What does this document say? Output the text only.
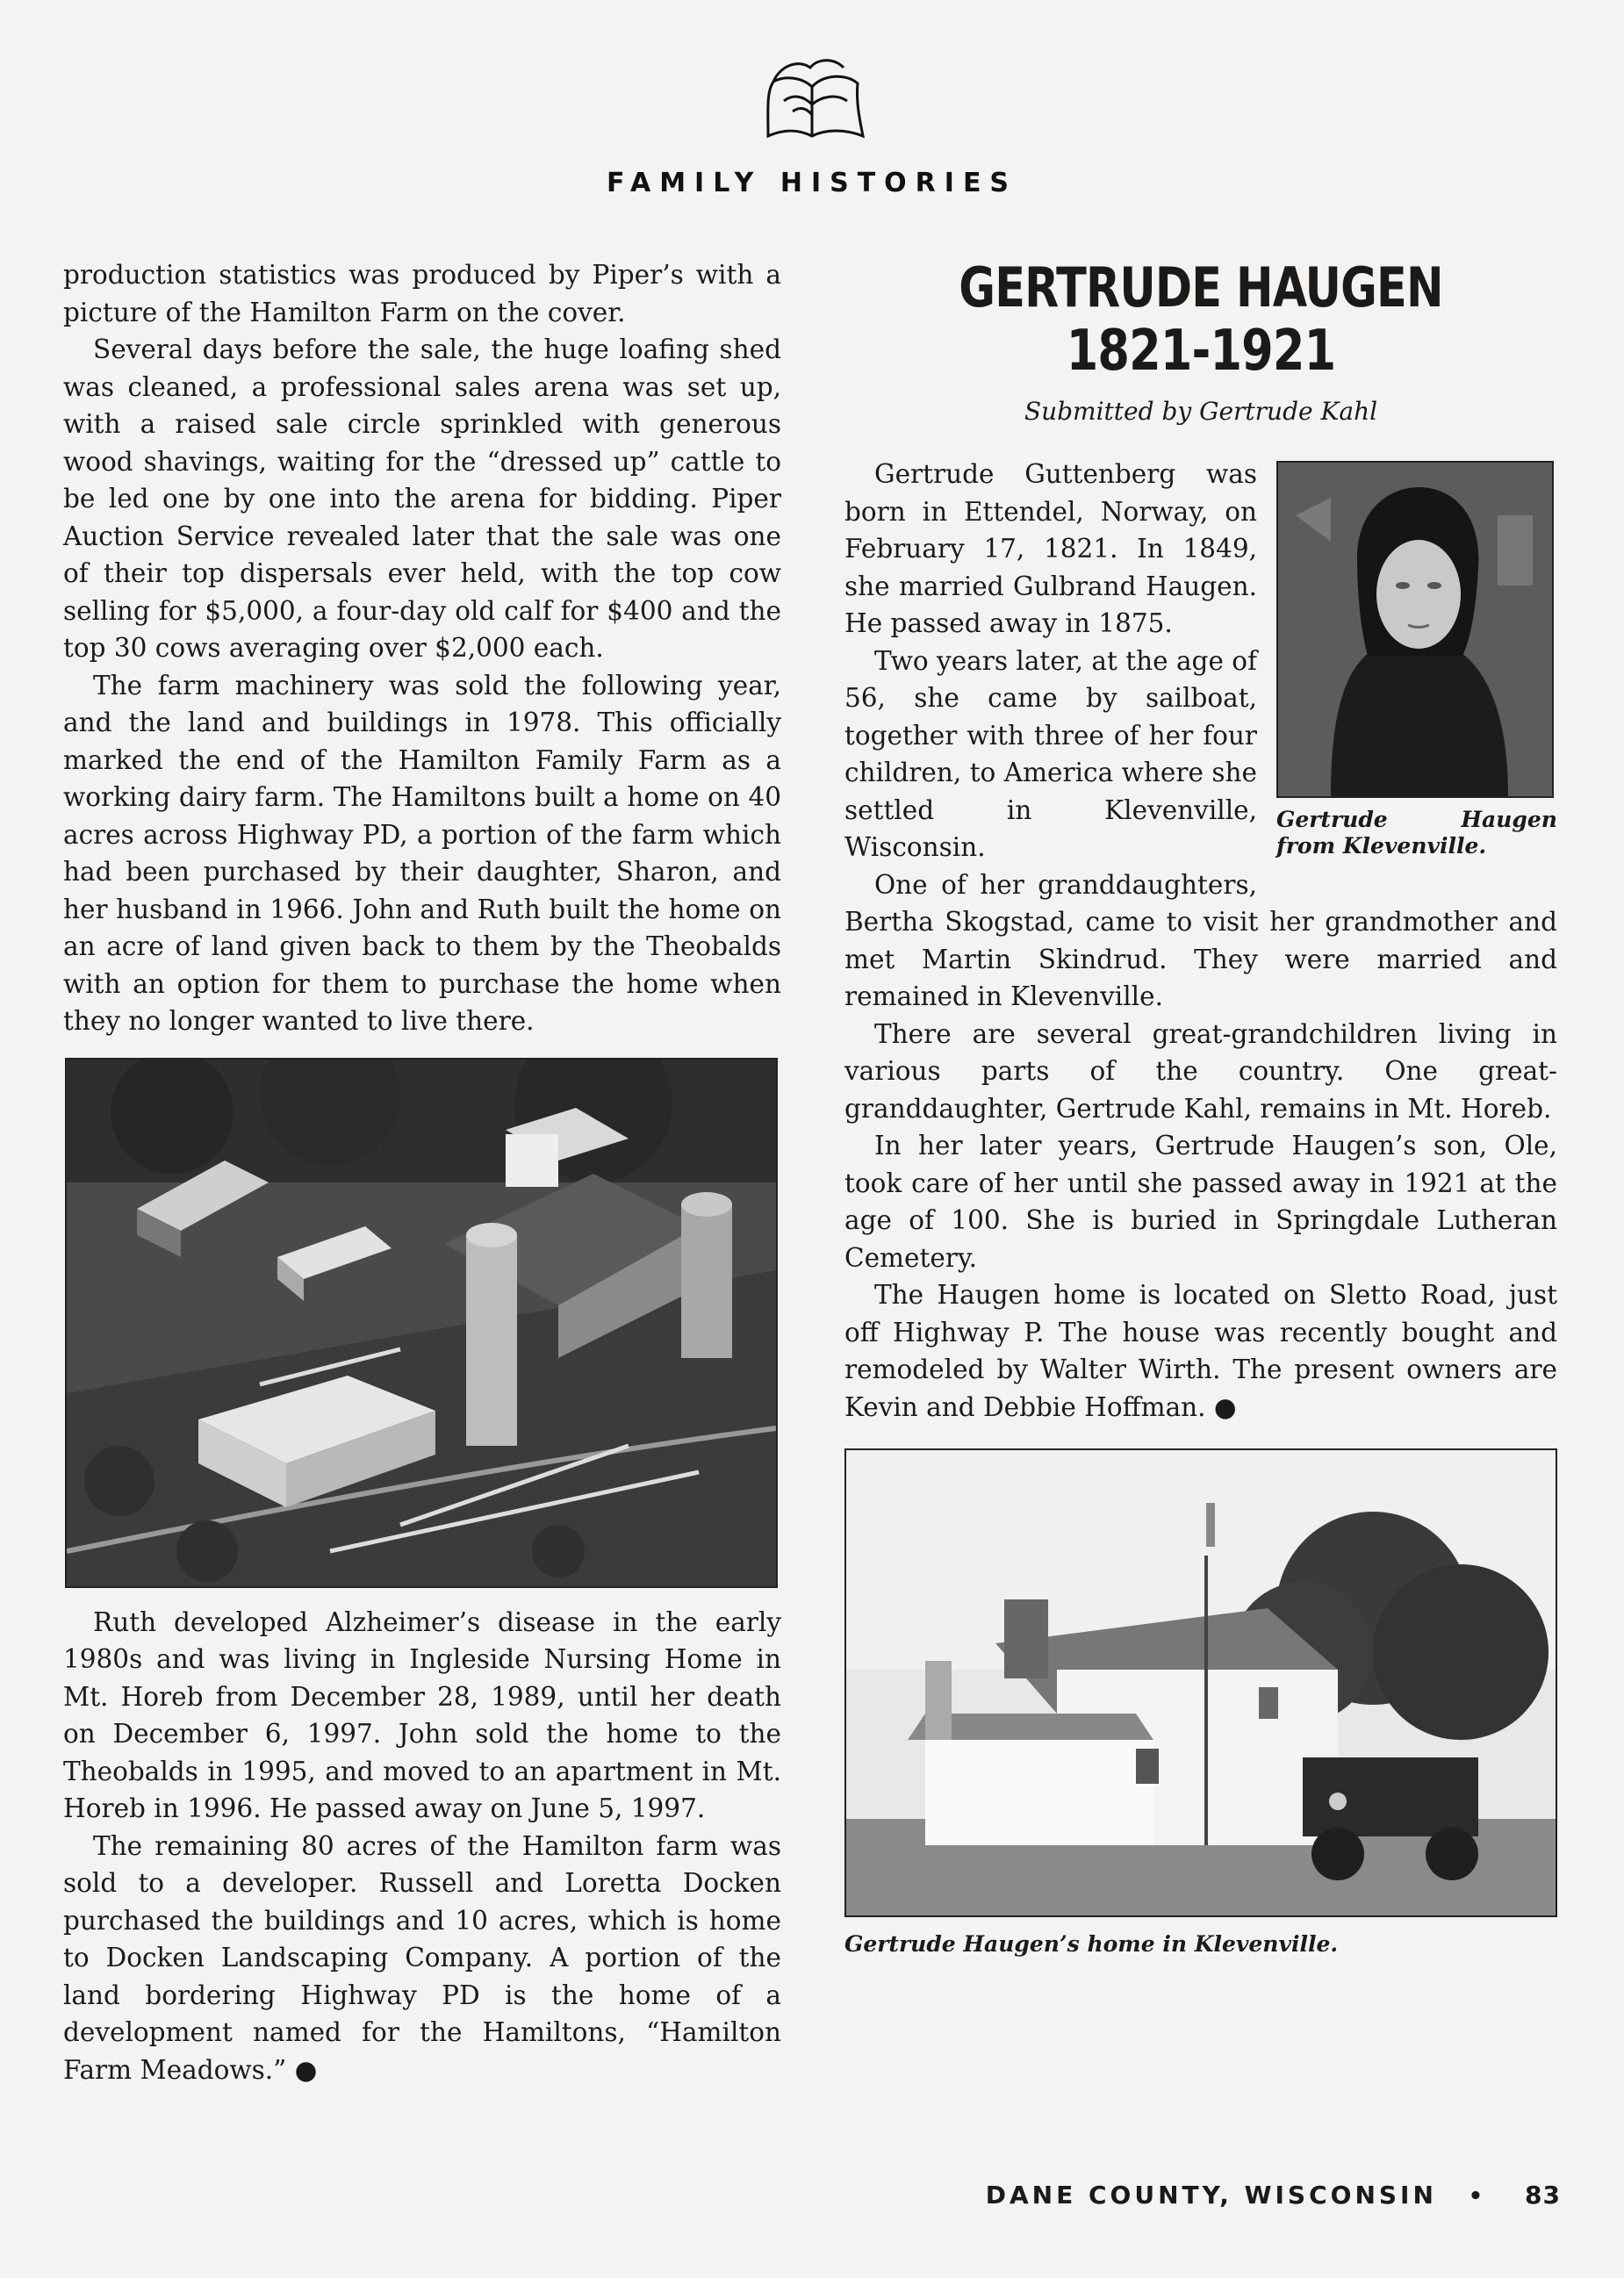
FAMILY HISTORIES

production statistics was produced by Piper’s with a picture of the Hamilton Farm on the cover.

Several days before the sale, the huge loafing shed was cleaned, a professional sales arena was set up, with a raised sale circle sprinkled with generous wood shavings, waiting for the “dressed up” cattle to be led one by one into the arena for bidding. Piper Auction Service revealed later that the sale was one of their top dispersals ever held, with the top cow selling for $5,000, a four-day old calf for $400 and the top 30 cows averaging over $2,000 each.

The farm machinery was sold the following year, and the land and buildings in 1978. This officially marked the end of the Hamilton Family Farm as a working dairy farm. The Hamiltons built a home on 40 acres across Highway PD, a portion of the farm which had been purchased by their daughter, Sharon, and her husband in 1966. John and Ruth built the home on an acre of land given back to them by the Theobalds with an option for them to purchase the home when they no longer wanted to live there.

Ruth developed Alzheimer’s disease in the early 1980s and was living in Ingleside Nursing Home in Mt. Horeb from December 28, 1989, until her death on December 6, 1997. John sold the home to the Theobalds in 1995, and moved to an apartment in Mt. Horeb in 1996. He passed away on June 5, 1997.

The remaining 80 acres of the Hamilton farm was sold to a developer. Russell and Loretta Docken purchased the buildings and 10 acres, which is home to Docken Landscaping Company. A portion of the land bordering Highway PD is the home of a development named for the Hamiltons, “Hamilton Farm Meadows.” ●

GERTRUDE HAUGEN
1821-1921
Submitted by Gertrude Kahl
Gertrude Haugen from Klevenville.

Gertrude Guttenberg was born in Ettendel, Norway, on February 17, 1821. In 1849, she married Gulbrand Haugen. He passed away in 1875.

Two years later, at the age of 56, she came by sailboat, together with three of her four children, to America where she settled in Klevenville, Wisconsin.

One of her granddaughters, Bertha Skogstad, came to visit her grandmother and met Martin Skindrud. They were married and remained in Klevenville.

There are several great-grandchildren living in various parts of the country. One great-granddaughter, Gertrude Kahl, remains in Mt. Horeb.

In her later years, Gertrude Haugen’s son, Ole, took care of her until she passed away in 1921 at the age of 100. She is buried in Springdale Lutheran Cemetery.

The Haugen home is located on Sletto Road, just off Highway P. The house was recently bought and remodeled by Walter Wirth. The present owners are Kevin and Debbie Hoffman. ●

Gertrude Haugen’s home in Klevenville.
DANE COUNTY, WISCONSIN • 83
